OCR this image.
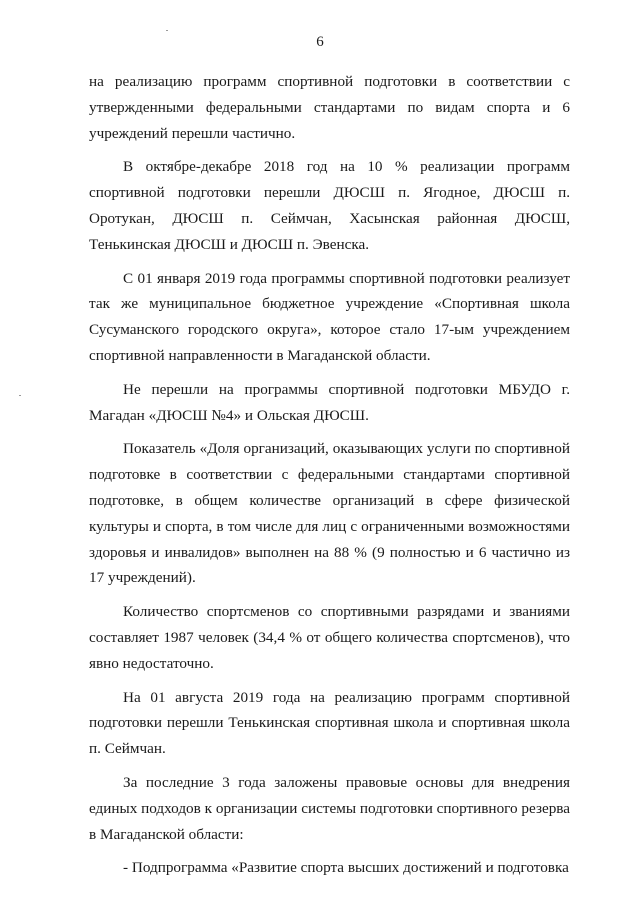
6

на реализацию программ спортивной подготовки в соответствии с утвержденными федеральными стандартами по видам спорта и 6 учреждений перешли частично.

В октябре-декабре 2018 год на 10 % реализации программ спортивной подготовки перешли ДЮСШ п. Ягодное, ДЮСШ п. Оротукан, ДЮСШ п. Сеймчан, Хасынская районная ДЮСШ, Тенькинская ДЮСШ и ДЮСШ п. Эвенска.

С 01 января 2019 года программы спортивной подготовки реализует так же муниципальное бюджетное учреждение «Спортивная школа Сусуманского городского округа», которое стало 17-ым учреждением спортивной направленности в Магаданской области.

Не перешли на программы спортивной подготовки МБУДО г. Магадан «ДЮСШ №4» и Ольская ДЮСШ.

Показатель «Доля организаций, оказывающих услуги по спортивной подготовке в соответствии с федеральными стандартами спортивной подготовке, в общем количестве организаций в сфере физической культуры и спорта, в том числе для лиц с ограниченными возможностями здоровья и инвалидов» выполнен на 88 % (9 полностью и 6 частично из 17 учреждений).

Количество спортсменов со спортивными разрядами и званиями составляет 1987 человек (34,4 % от общего количества спортсменов), что явно недостаточно.

На 01 августа 2019 года на реализацию программ спортивной подготовки перешли Тенькинская спортивная школа и спортивная школа п. Сеймчан.

За последние 3 года заложены правовые основы для внедрения единых подходов к организации системы подготовки спортивного резерва в Магаданской области:

- Подпрограмма «Развитие спорта высших достижений и подготовка
